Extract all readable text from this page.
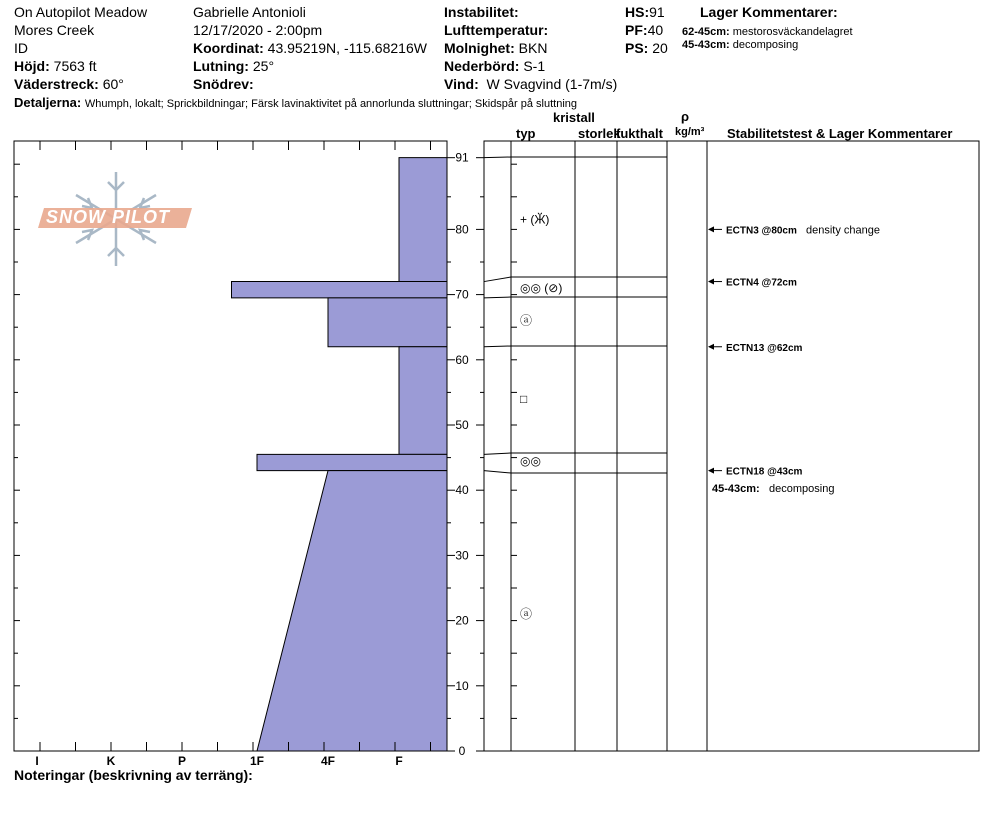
On Autopilot Meadow
Mores Creek
ID
Höjd: 7563 ft
Väderstreck: 60°
Gabrielle Antonioli
12/17/2020 - 2:00pm
Koordinat: 43.95219N, -115.68216W
Lutning: 25°
Snödrev:
Instabilitet:
Lufttemperatur:
Molnighet: BKN
Nederbörd: S-1
Vind: W Svagvind (1-7m/s)
HS:91
PF:40
PS: 20
Lager Kommentarer:
62-45cm: mestorosväckandelagret
45-43cm: decomposing
Detaljerna: Whumph, lokalt; Sprickbildningar; Färsk lavinaktivitet på annorlunda sluttningar; Skidspår på sluttning
SNOW PILOT
I	K	P	1F	4F	F
0
10
20
30
40
50
60
70
80
91
+ (Ӂ)
◎◎ (⊘)
ⓐ
□
◎◎
ⓐ
ECTN3 @80cm density change
ECTN4 @72cm
ECTN13 @62cm
ECTN18 @43cm
45-43cm: decomposing
typ
kristall
storlek
fukthalt
ρ
kg/m³ Stabilitetstest & Lager Kommentarer
Noteringar (beskrivning av terräng):
